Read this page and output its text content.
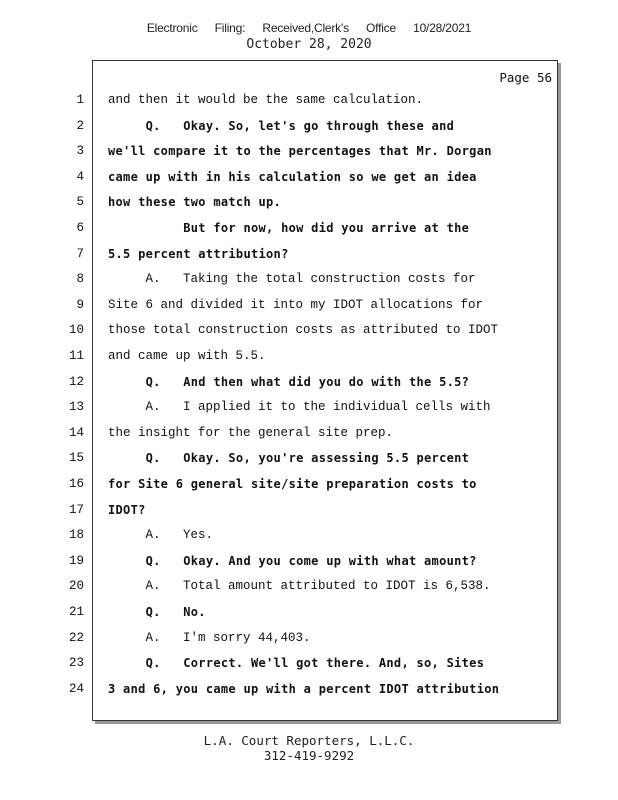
Electronic Filing: Received,Clerk's Office 10/28/2021
October 28, 2020
Page 56
1 and then it would be the same calculation.
2 Q.   Okay. So, let's go through these and
3 we'll compare it to the percentages that Mr. Dorgan
4 came up with in his calculation so we get an idea
5 how these two match up.
6 But for now, how did you arrive at the
7 5.5 percent attribution?
8 A.   Taking the total construction costs for
9 Site 6 and divided it into my IDOT allocations for
10 those total construction costs as attributed to IDOT
11 and came up with 5.5.
12 Q.   And then what did you do with the 5.5?
13 A.   I applied it to the individual cells with
14 the insight for the general site prep.
15 Q.   Okay. So, you're assessing 5.5 percent
16 for Site 6 general site/site preparation costs to
17 IDOT?
18 A.   Yes.
19 Q.   Okay. And you come up with what amount?
20 A.   Total amount attributed to IDOT is 6,538.
21 Q.   No.
22 A.   I'm sorry 44,403.
23 Q.   Correct. We'll got there. And, so, Sites
24 3 and 6, you came up with a percent IDOT attribution
L.A. Court Reporters, L.L.C.
312-419-9292
